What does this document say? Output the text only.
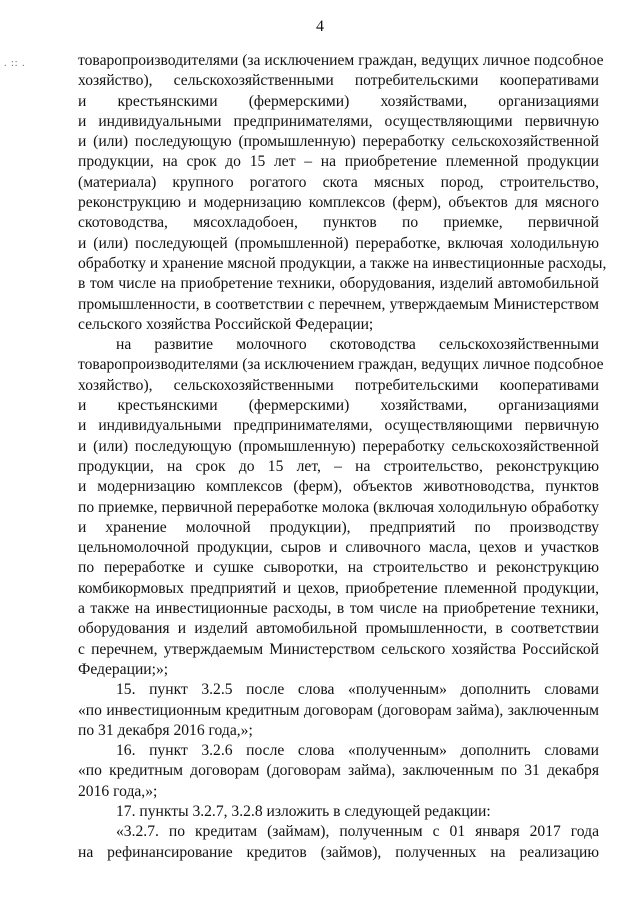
4
. :: .	товаропроизводителями (за исключением граждан, ведущих личное подсобное

хозяйство), сельскохозяйственными потребительскими кооперативами

и крестьянскими (фермерскими) хозяйствами, организациями

и индивидуальными предпринимателями, осуществляющими первичную

и (или) последующую (промышленную) переработку сельскохозяйственной

продукции, на срок до 15 лет – на приобретение племенной продукции

(материала) крупного рогатого скота мясных пород, строительство,

реконструкцию и модернизацию комплексов (ферм), объектов для мясного

скотоводства, мясохладобоен, пунктов по приемке, первичной

и (или) последующей (промышленной) переработке, включая холодильную

обработку и хранение мясной продукции, а также на инвестиционные расходы,

в том числе на приобретение техники, оборудования, изделий автомобильной

промышленности, в соответствии с перечнем, утверждаемым Министерством

сельского хозяйства Российской Федерации;

на развитие молочного скотоводства сельскохозяйственными

товаропроизводителями (за исключением граждан, ведущих личное подсобное

хозяйство), сельскохозяйственными потребительскими кооперативами

и крестьянскими (фермерскими) хозяйствами, организациями

и индивидуальными предпринимателями, осуществляющими первичную

и (или) последующую (промышленную) переработку сельскохозяйственной

продукции, на срок до 15 лет, – на строительство, реконструкцию

и модернизацию комплексов (ферм), объектов животноводства, пунктов

по приемке, первичной переработке молока (включая холодильную обработку

и хранение молочной продукции), предприятий по производству

цельномолочной продукции, сыров и сливочного масла, цехов и участков

по переработке и сушке сыворотки, на строительство и реконструкцию

комбикормовых предприятий и цехов, приобретение племенной продукции,

а также на инвестиционные расходы, в том числе на приобретение техники,

оборудования и изделий автомобильной промышленности, в соответствии

с перечнем, утверждаемым Министерством сельского хозяйства Российской

Федерации;»;

15. пункт 3.2.5 после слова «полученным» дополнить словами

«по инвестиционным кредитным договорам (договорам займа), заключенным

по 31 декабря 2016 года,»;

16. пункт 3.2.6 после слова «полученным» дополнить словами

«по кредитным договорам (договорам займа), заключенным по 31 декабря

2016 года,»;

17. пункты 3.2.7, 3.2.8 изложить в следующей редакции:

«3.2.7. по кредитам (займам), полученным с 01 января 2017 года

на рефинансирование кредитов (займов), полученных на реализацию
